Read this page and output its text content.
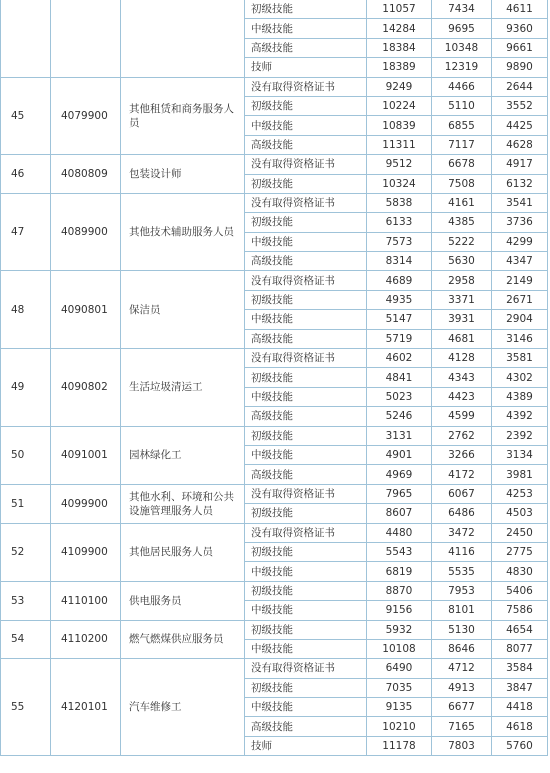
			初级技能	11057	7434	4611
			中级技能	14284	9695	9360
			高级技能	18384	10348	9661
			技师	18389	12319	9890
45	4079900	其他租赁和商务服务人员	没有取得资格证书	9249	4466	2644
			初级技能	10224	5110	3552
			中级技能	10839	6855	4425
			高级技能	11311	7117	4628
46	4080809	包装设计师	没有取得资格证书	9512	6678	4917
			初级技能	10324	7508	6132
47	4089900	其他技术辅助服务人员	没有取得资格证书	5838	4161	3541
			初级技能	6133	4385	3736
			中级技能	7573	5222	4299
			高级技能	8314	5630	4347
48	4090801	保洁员	没有取得资格证书	4689	2958	2149
			初级技能	4935	3371	2671
			中级技能	5147	3931	2904
			高级技能	5719	4681	3146
49	4090802	生活垃圾清运工	没有取得资格证书	4602	4128	3581
			初级技能	4841	4343	4302
			中级技能	5023	4423	4389
			高级技能	5246	4599	4392
50	4091001	园林绿化工	初级技能	3131	2762	2392
			中级技能	4901	3266	3134
			高级技能	4969	4172	3981
51	4099900	其他水利、环境和公共设施管理服务人员	没有取得资格证书	7965	6067	4253
			初级技能	8607	6486	4503
52	4109900	其他居民服务人员	没有取得资格证书	4480	3472	2450
			初级技能	5543	4116	2775
			中级技能	6819	5535	4830
53	4110100	供电服务员	初级技能	8870	7953	5406
			中级技能	9156	8101	7586
54	4110200	燃气燃煤供应服务员	初级技能	5932	5130	4654
			中级技能	10108	8646	8077
55	4120101	汽车维修工	没有取得资格证书	6490	4712	3584
			初级技能	7035	4913	3847
			中级技能	9135	6677	4418
			高级技能	10210	7165	4618
			技师	11178	7803	5760
